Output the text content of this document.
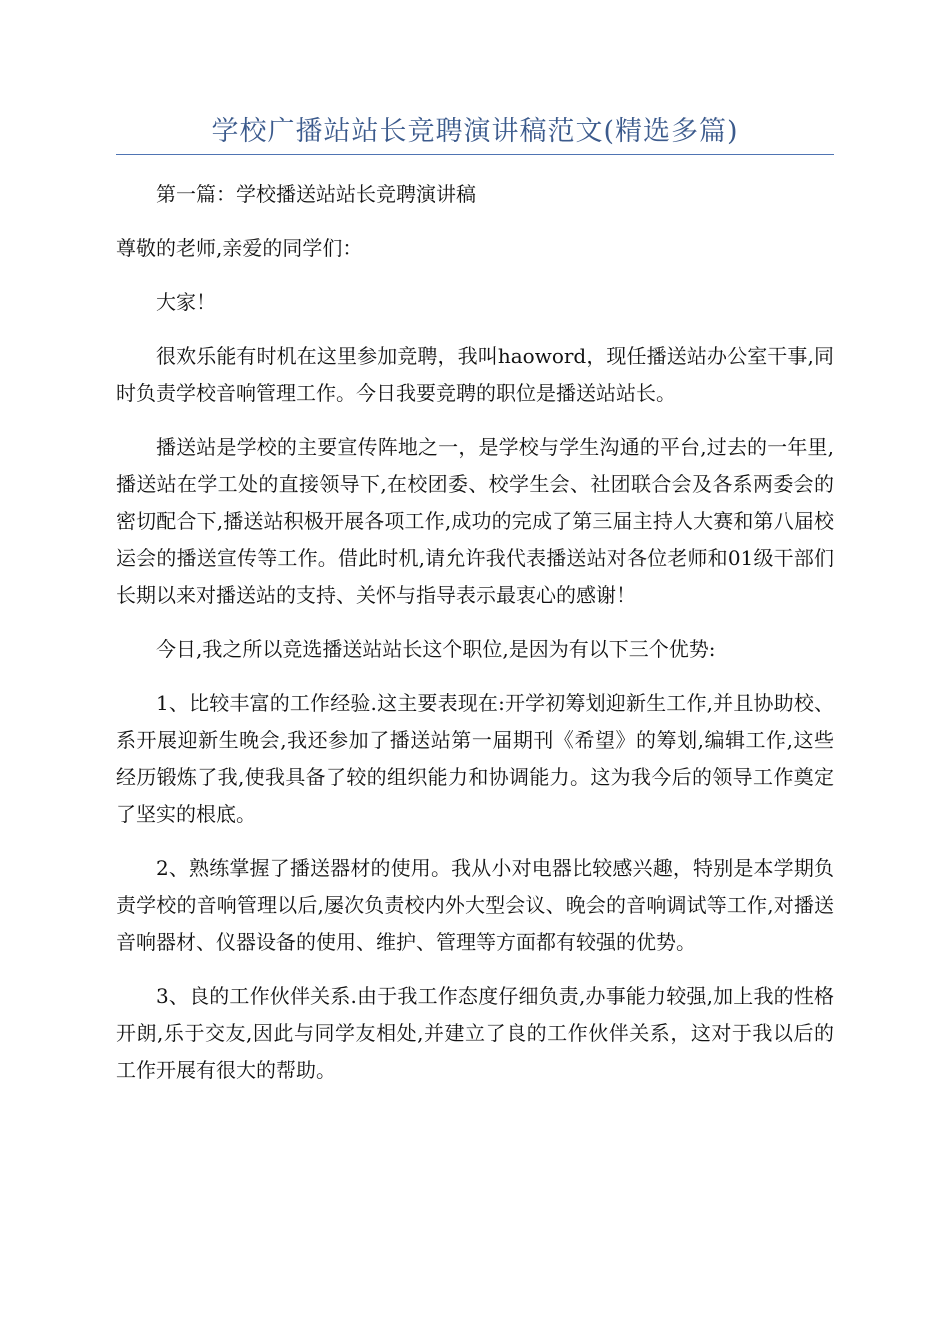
学校广播站站长竞聘演讲稿范文(精选多篇)

第一篇：学校播送站站长竞聘演讲稿

尊敬的老师,亲爱的同学们：

大家！

很欢乐能有时机在这里参加竞聘，我叫haoword，现任播送站办公室干事,同时负责学校音响管理工作。今日我要竞聘的职位是播送站站长。

播送站是学校的主要宣传阵地之一，是学校与学生沟通的平台,过去的一年里,播送站在学工处的直接领导下,在校团委、校学生会、社团联合会及各系两委会的密切配合下,播送站积极开展各项工作,成功的完成了第三届主持人大赛和第八届校运会的播送宣传等工作。借此时机,请允许我代表播送站对各位老师和01级干部们长期以来对播送站的支持、关怀与指导表示最衷心的感谢！

今日,我之所以竞选播送站站长这个职位,是因为有以下三个优势:

1、比较丰富的工作经验.这主要表现在:开学初筹划迎新生工作,并且协助校、系开展迎新生晚会,我还参加了播送站第一届期刊《希望》的筹划,编辑工作,这些经历锻炼了我,使我具备了较的组织能力和协调能力。这为我今后的领导工作奠定了坚实的根底。

2、熟练掌握了播送器材的使用。我从小对电器比较感兴趣，特别是本学期负责学校的音响管理以后,屡次负责校内外大型会议、晚会的音响调试等工作,对播送音响器材、仪器设备的使用、维护、管理等方面都有较强的优势。

3、良的工作伙伴关系.由于我工作态度仔细负责,办事能力较强,加上我的性格开朗,乐于交友,因此与同学友相处,并建立了良的工作伙伴关系，这对于我以后的工作开展有很大的帮助。
